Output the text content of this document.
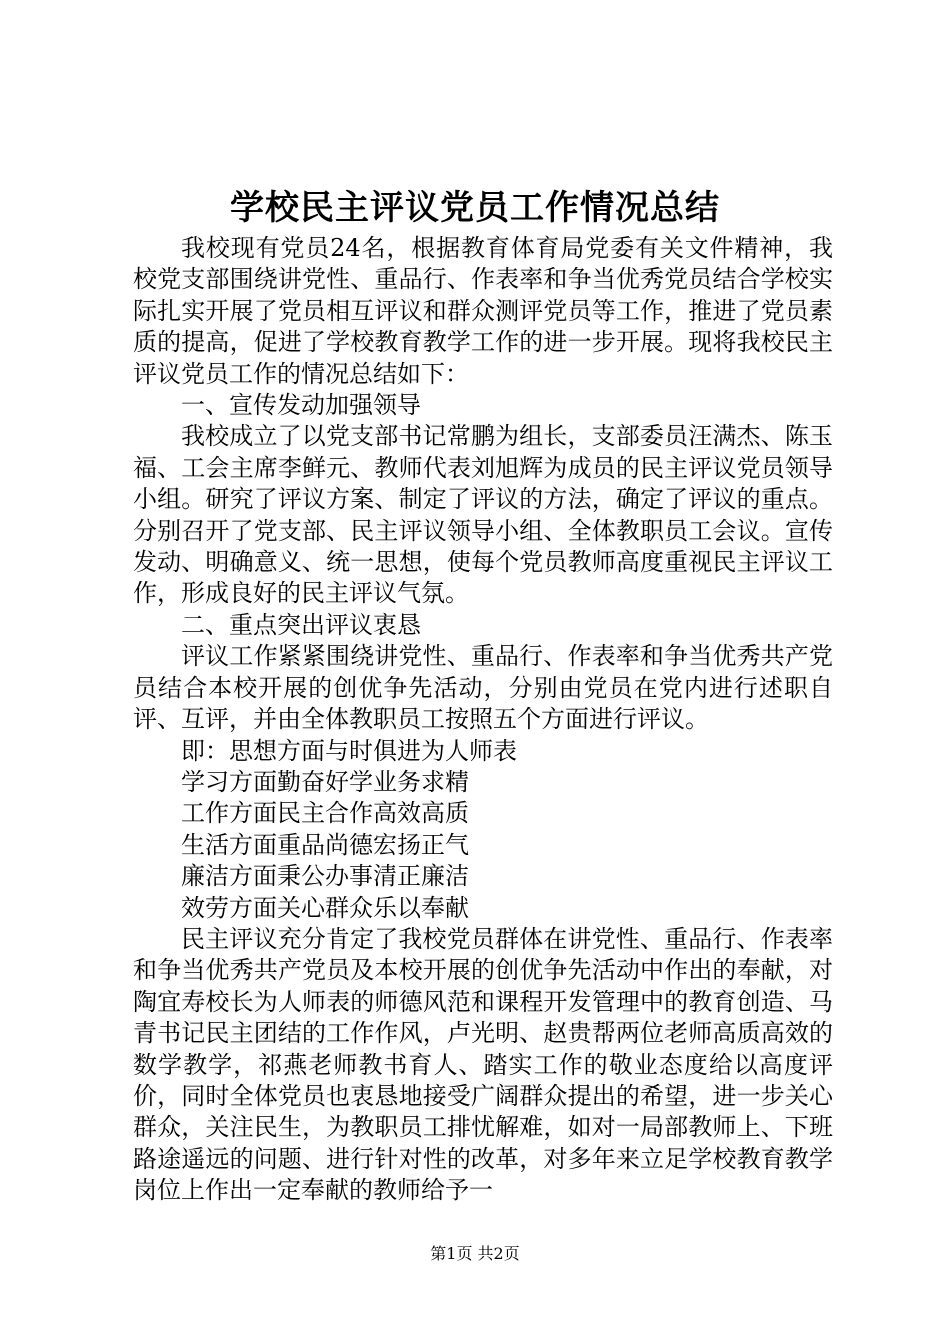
学校民主评议党员工作情况总结

我校现有党员24名，根据教育体育局党委有关文件精神，我校党支部围绕讲党性、重品行、作表率和争当优秀党员结合学校实际扎实开展了党员相互评议和群众测评党员等工作，推进了党员素质的提高，促进了学校教育教学工作的进一步开展。现将我校民主评议党员工作的情况总结如下：

一、宣传发动加强领导

我校成立了以党支部书记常鹏为组长，支部委员汪满杰、陈玉福、工会主席李鲜元、教师代表刘旭辉为成员的民主评议党员领导小组。研究了评议方案、制定了评议的方法，确定了评议的重点。分别召开了党支部、民主评议领导小组、全体教职员工会议。宣传发动、明确意义、统一思想，使每个党员教师高度重视民主评议工作，形成良好的民主评议气氛。

二、重点突出评议衷恳

评议工作紧紧围绕讲党性、重品行、作表率和争当优秀共产党员结合本校开展的创优争先活动，分别由党员在党内进行述职自评、互评，并由全体教职员工按照五个方面进行评议。

即：思想方面与时俱进为人师表

学习方面勤奋好学业务求精

工作方面民主合作高效高质

生活方面重品尚德宏扬正气

廉洁方面秉公办事清正廉洁

效劳方面关心群众乐以奉献

民主评议充分肯定了我校党员群体在讲党性、重品行、作表率和争当优秀共产党员及本校开展的创优争先活动中作出的奉献，对陶宜寿校长为人师表的师德风范和课程开发管理中的教育创造、马青书记民主团结的工作作风，卢光明、赵贵帮两位老师高质高效的数学教学，祁燕老师教书育人、踏实工作的敬业态度给以高度评价，同时全体党员也衷恳地接受广阔群众提出的希望，进一步关心群众，关注民生，为教职员工排忧解难，如对一局部教师上、下班路途遥远的问题、进行针对性的改革，对多年来立足学校教育教学岗位上作出一定奉献的教师给予一

第1页 共2页
